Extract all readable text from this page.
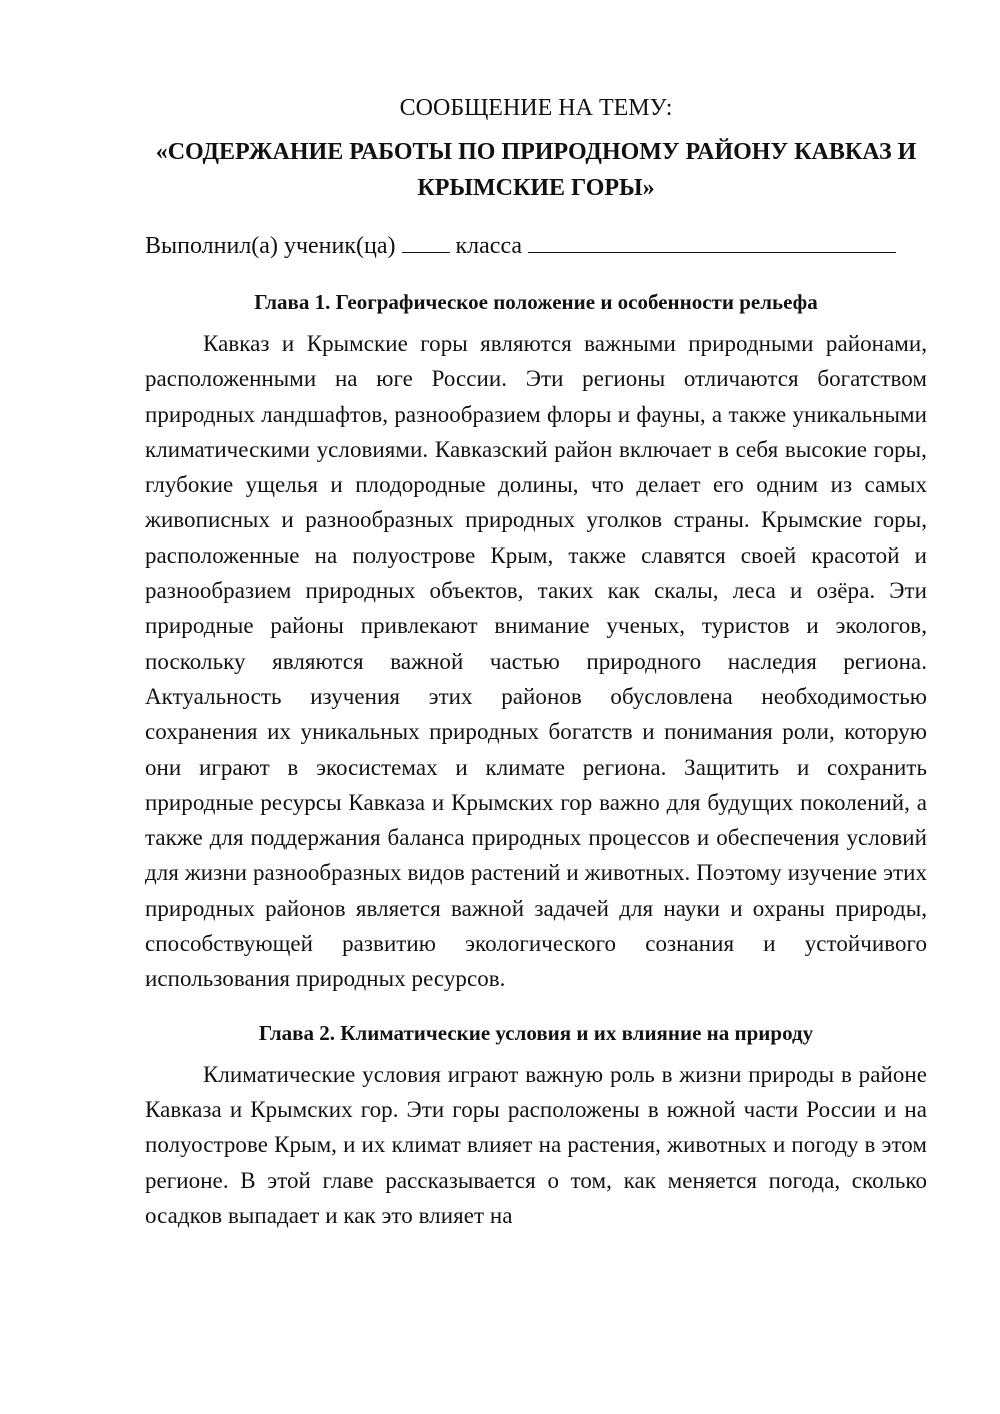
СООБЩЕНИЕ НА ТЕМУ:

«СОДЕРЖАНИЕ РАБОТЫ ПО ПРИРОДНОМУ РАЙОНУ КАВКАЗ И КРЫМСКИЕ ГОРЫ»

Выполнил(а) ученик(ца)	класса

Глава 1. Географическое положение и особенности рельефа

Кавказ и Крымские горы являются важными природными районами, расположенными на юге России. Эти регионы отличаются богатством природных ландшафтов, разнообразием флоры и фауны, а также уникальными климатическими условиями. Кавказский район включает в себя высокие горы, глубокие ущелья и плодородные долины, что делает его одним из самых живописных и разнообразных природных уголков страны. Крымские горы, расположенные на полуострове Крым, также славятся своей красотой и разнообразием природных объектов, таких как скалы, леса и озёра. Эти природные районы привлекают внимание ученых, туристов и экологов, поскольку являются важной частью природного наследия региона. Актуальность изучения этих районов обусловлена необходимостью сохранения их уникальных природных богатств и понимания роли, которую они играют в экосистемах и климате региона. Защитить и сохранить природные ресурсы Кавказа и Крымских гор важно для будущих поколений, а также для поддержания баланса природных процессов и обеспечения условий для жизни разнообразных видов растений и животных. Поэтому изучение этих природных районов является важной задачей для науки и охраны природы, способствующей развитию экологического сознания и устойчивого использования природных ресурсов.

Глава 2. Климатические условия и их влияние на природу

Климатические условия играют важную роль в жизни природы в районе Кавказа и Крымских гор. Эти горы расположены в южной части России и на полуострове Крым, и их климат влияет на растения, животных и погоду в этом регионе. В этой главе рассказывается о том, как меняется погода, сколько осадков выпадает и как это влияет на
